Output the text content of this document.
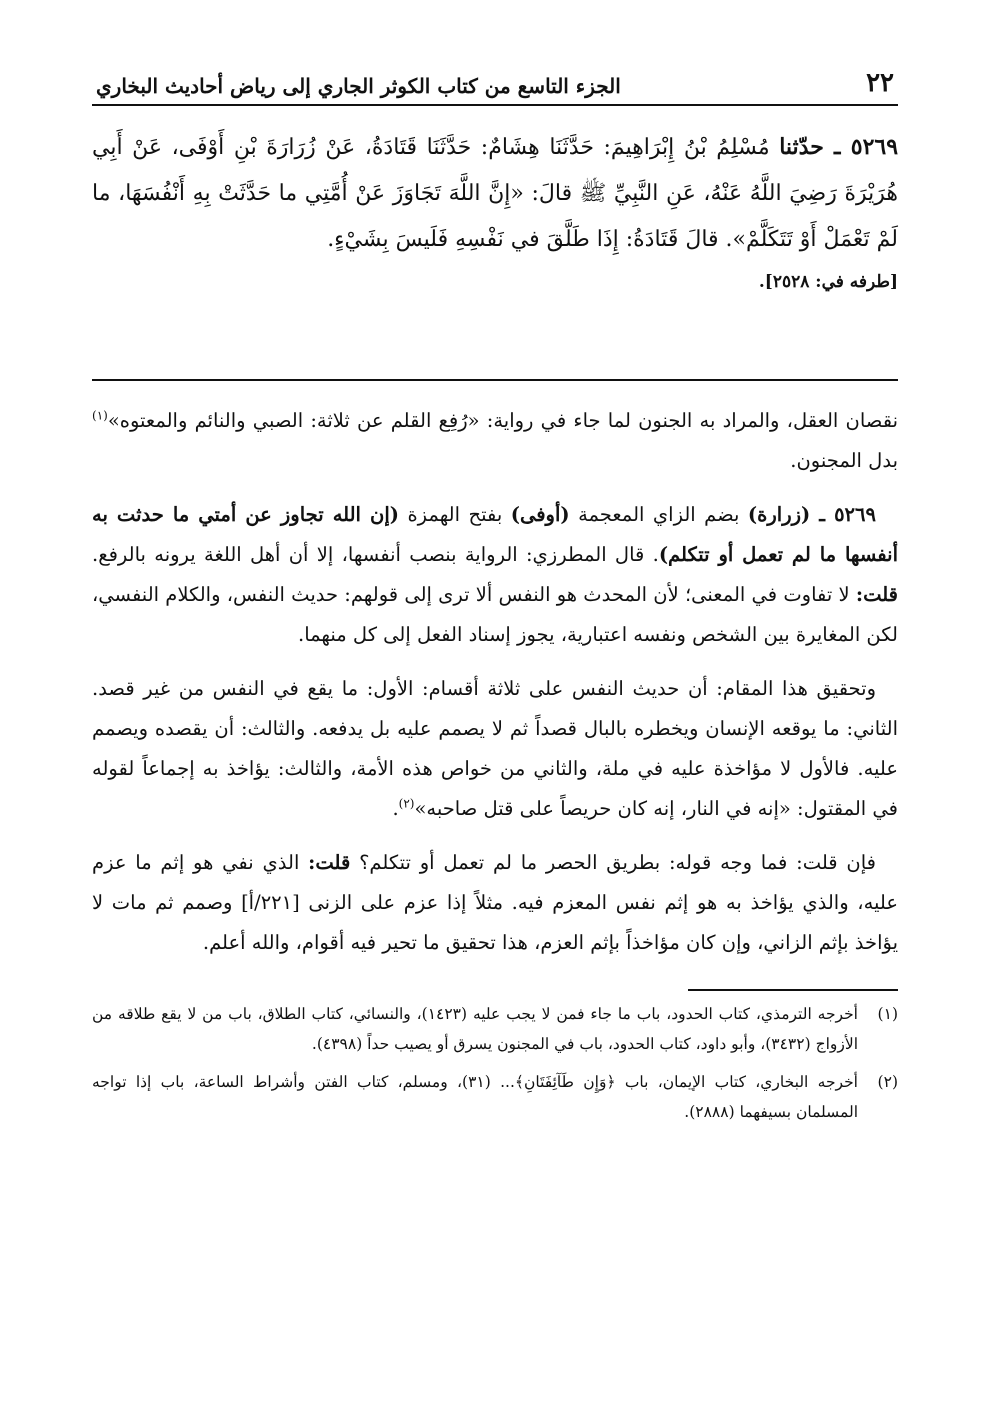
٢٢
الجزء التاسع من كتاب الكوثر الجاري إلى رياض أحاديث البخاري
٥٢٦٩ ـ حدّثنا مُسْلِمُ بْنُ إِبْرَاهِيمَ: حَدَّثَنَا هِشَامٌ: حَدَّثَنَا قَتَادَةُ، عَنْ زُرَارَةَ بْنِ أَوْفَى، عَنْ أَبِي هُرَيْرَةَ رَضِيَ اللَّهُ عَنْهُ، عَنِ النَّبِيِّ ﷺ قالَ: «إِنَّ اللَّهَ تَجَاوَزَ عَنْ أُمَّتِي ما حَدَّثَتْ بِهِ أَنْفُسَهَا، ما لَمْ تَعْمَلْ أَوْ تَتَكَلَّمْ». قالَ قَتَادَةُ: إِذَا طَلَّقَ في نَفْسِهِ فَلَيسَ بِشَيْءٍ.
[طرفه في: ٢٥٢٨].

نقصان العقل، والمراد به الجنون لما جاء في رواية: «رُفِع القلم عن ثلاثة: الصبي والنائم والمعتوه»$^{(١)}$ بدل المجنون.

٥٢٦٩ ـ (زرارة) بضم الزاي المعجمة (أوفى) بفتح الهمزة (إن الله تجاوز عن أمتي ما حدثت به أنفسها ما لم تعمل أو تتكلم). قال المطرزي: الرواية بنصب أنفسها، إلا أن أهل اللغة يرونه بالرفع. قلت: لا تفاوت في المعنى؛ لأن المحدث هو النفس ألا ترى إلى قولهم: حديث النفس، والكلام النفسي، لكن المغايرة بين الشخص ونفسه اعتبارية، يجوز إسناد الفعل إلى كل منهما.

وتحقيق هذا المقام: أن حديث النفس على ثلاثة أقسام: الأول: ما يقع في النفس من غير قصد. الثاني: ما يوقعه الإنسان ويخطره بالبال قصداً ثم لا يصمم عليه بل يدفعه. والثالث: أن يقصده ويصمم عليه. فالأول لا مؤاخذة عليه في ملة، والثاني من خواص هذه الأمة، والثالث: يؤاخذ به إجماعاً لقوله في المقتول: «إنه في النار، إنه كان حريصاً على قتل صاحبه»$^{(٢)}$.

فإن قلت: فما وجه قوله: بطريق الحصر ما لم تعمل أو تتكلم؟ قلت: الذي نفي هو إثم ما عزم عليه، والذي يؤاخذ به هو إثم نفس المعزم فيه. مثلاً إذا عزم على الزنى [٢٢١/أ] وصمم ثم مات لا يؤاخذ بإثم الزاني، وإن كان مؤاخذاً بإثم العزم، هذا تحقيق ما تحير فيه أقوام، والله أعلم.

(١)
أخرجه الترمذي، كتاب الحدود، باب ما جاء فمن لا يجب عليه (١٤٢٣)، والنسائي، كتاب الطلاق، باب من لا يقع طلاقه من الأزواج (٣٤٣٢)، وأبو داود، كتاب الحدود، باب في المجنون يسرق أو يصيب حداً (٤٣٩٨).
(٢)
أخرجه البخاري، كتاب الإيمان، باب ﴿وَإِن طَآئِفَتَانِ﴾... (٣١)، ومسلم، كتاب الفتن وأشراط الساعة، باب إذا تواجه المسلمان بسيفهما (٢٨٨٨).
